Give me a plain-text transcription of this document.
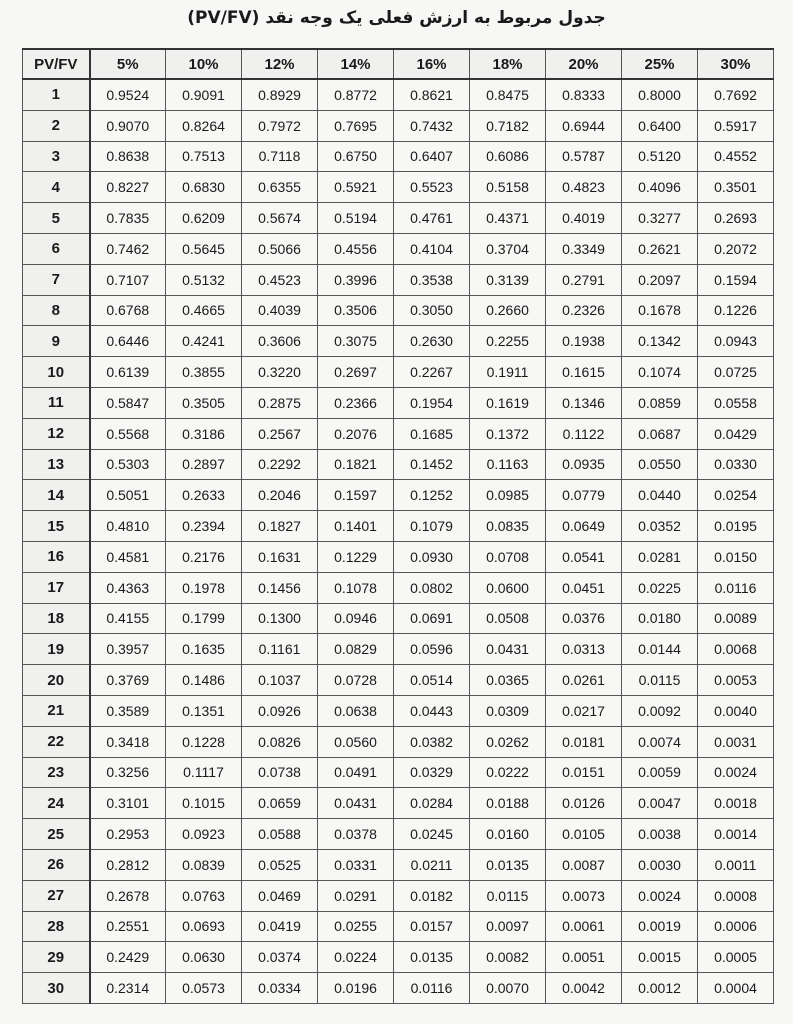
جدول مربوط به ارزش فعلی یک وجه نقد (PV/FV)
PV/FV	5%	10%	12%	14%	16%	18%	20%	25%	30%
1	0.9524	0.9091	0.8929	0.8772	0.8621	0.8475	0.8333	0.8000	0.7692
2	0.9070	0.8264	0.7972	0.7695	0.7432	0.7182	0.6944	0.6400	0.5917
3	0.8638	0.7513	0.7118	0.6750	0.6407	0.6086	0.5787	0.5120	0.4552
4	0.8227	0.6830	0.6355	0.5921	0.5523	0.5158	0.4823	0.4096	0.3501
5	0.7835	0.6209	0.5674	0.5194	0.4761	0.4371	0.4019	0.3277	0.2693
6	0.7462	0.5645	0.5066	0.4556	0.4104	0.3704	0.3349	0.2621	0.2072
7	0.7107	0.5132	0.4523	0.3996	0.3538	0.3139	0.2791	0.2097	0.1594
8	0.6768	0.4665	0.4039	0.3506	0.3050	0.2660	0.2326	0.1678	0.1226
9	0.6446	0.4241	0.3606	0.3075	0.2630	0.2255	0.1938	0.1342	0.0943
10	0.6139	0.3855	0.3220	0.2697	0.2267	0.1911	0.1615	0.1074	0.0725
11	0.5847	0.3505	0.2875	0.2366	0.1954	0.1619	0.1346	0.0859	0.0558
12	0.5568	0.3186	0.2567	0.2076	0.1685	0.1372	0.1122	0.0687	0.0429
13	0.5303	0.2897	0.2292	0.1821	0.1452	0.1163	0.0935	0.0550	0.0330
14	0.5051	0.2633	0.2046	0.1597	0.1252	0.0985	0.0779	0.0440	0.0254
15	0.4810	0.2394	0.1827	0.1401	0.1079	0.0835	0.0649	0.0352	0.0195
16	0.4581	0.2176	0.1631	0.1229	0.0930	0.0708	0.0541	0.0281	0.0150
17	0.4363	0.1978	0.1456	0.1078	0.0802	0.0600	0.0451	0.0225	0.0116
18	0.4155	0.1799	0.1300	0.0946	0.0691	0.0508	0.0376	0.0180	0.0089
19	0.3957	0.1635	0.1161	0.0829	0.0596	0.0431	0.0313	0.0144	0.0068
20	0.3769	0.1486	0.1037	0.0728	0.0514	0.0365	0.0261	0.0115	0.0053
21	0.3589	0.1351	0.0926	0.0638	0.0443	0.0309	0.0217	0.0092	0.0040
22	0.3418	0.1228	0.0826	0.0560	0.0382	0.0262	0.0181	0.0074	0.0031
23	0.3256	0.1117	0.0738	0.0491	0.0329	0.0222	0.0151	0.0059	0.0024
24	0.3101	0.1015	0.0659	0.0431	0.0284	0.0188	0.0126	0.0047	0.0018
25	0.2953	0.0923	0.0588	0.0378	0.0245	0.0160	0.0105	0.0038	0.0014
26	0.2812	0.0839	0.0525	0.0331	0.0211	0.0135	0.0087	0.0030	0.0011
27	0.2678	0.0763	0.0469	0.0291	0.0182	0.0115	0.0073	0.0024	0.0008
28	0.2551	0.0693	0.0419	0.0255	0.0157	0.0097	0.0061	0.0019	0.0006
29	0.2429	0.0630	0.0374	0.0224	0.0135	0.0082	0.0051	0.0015	0.0005
30	0.2314	0.0573	0.0334	0.0196	0.0116	0.0070	0.0042	0.0012	0.0004
